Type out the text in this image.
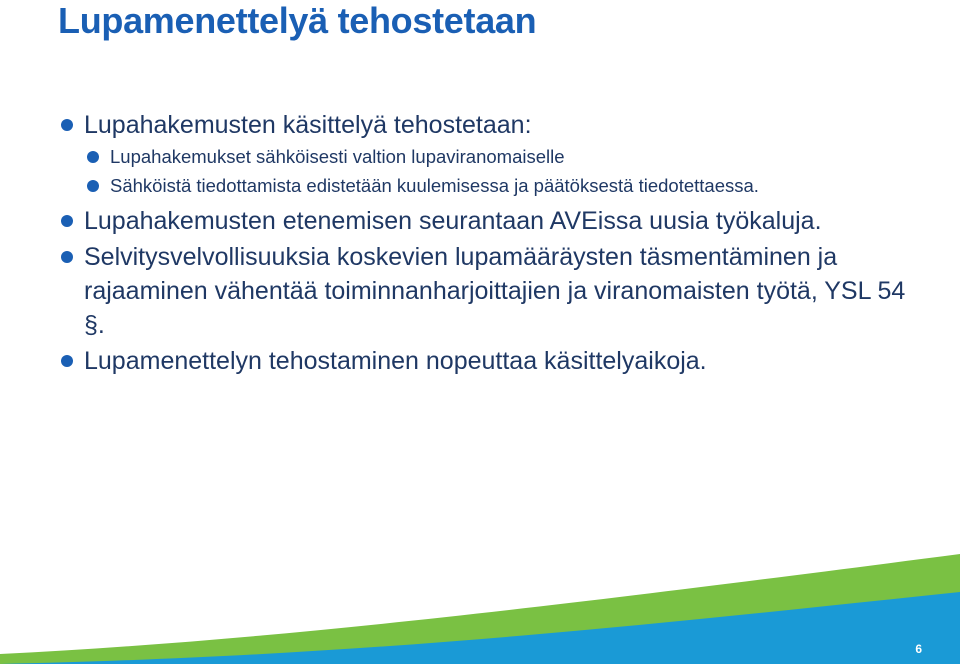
Lupamenettelyä tehostetaan
Lupahakemusten käsittelyä tehostetaan:
Lupahakemukset sähköisesti valtion lupaviranomaiselle
Sähköistä tiedottamista edistetään kuulemisessa ja päätöksestä tiedotettaessa.
Lupahakemusten etenemisen seurantaan AVEissa uusia työkaluja.
Selvitysvelvollisuuksia koskevien lupamääräysten täsmentäminen ja rajaaminen vähentää toiminnanharjoittajien ja viranomaisten työtä, YSL 54 §.
Lupamenettelyn tehostaminen nopeuttaa käsittelyaikoja.
6
